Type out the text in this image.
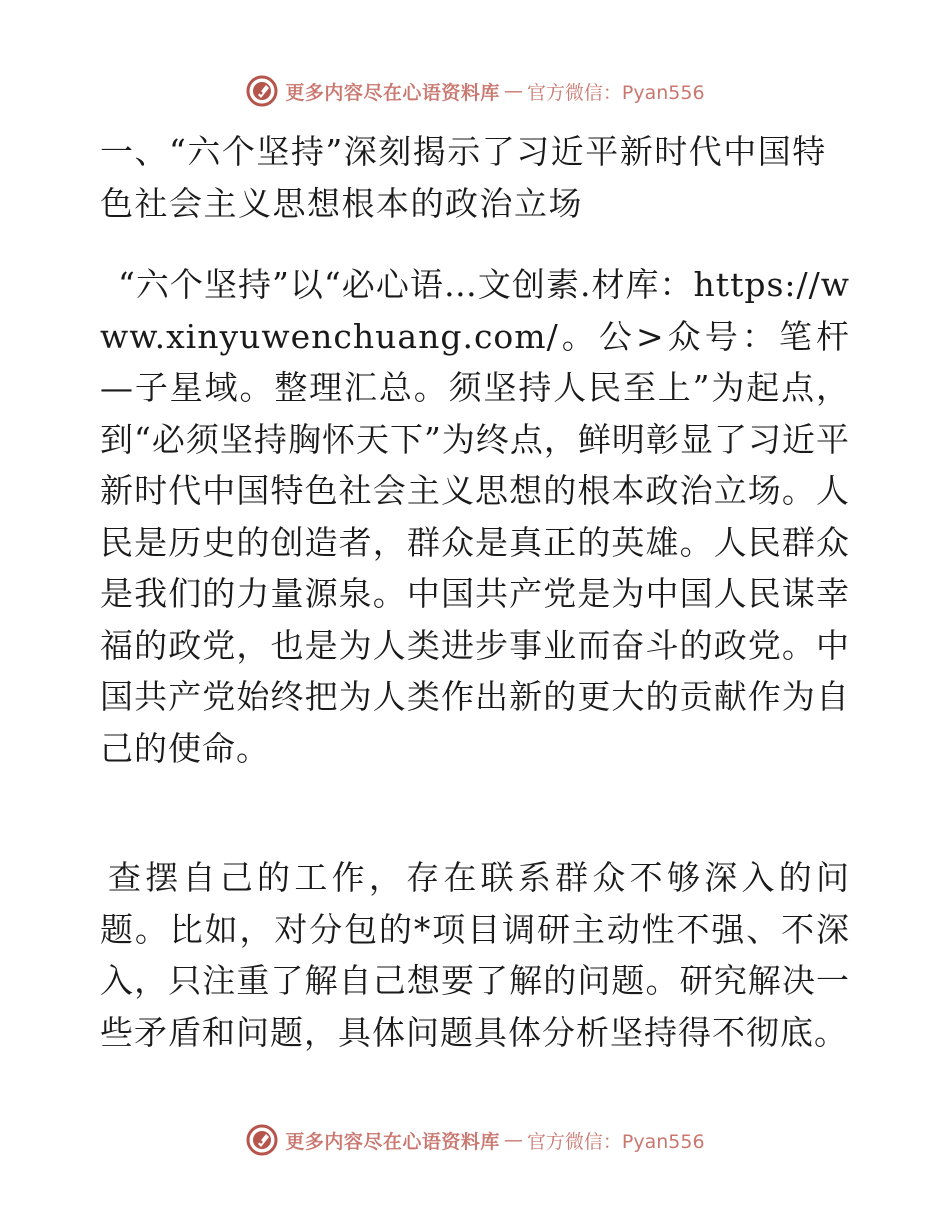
更多内容尽在心语资料库 — 官方微信：Pyan556
一、“六个坚持”深刻揭示了习近平新时代中国特色社会主义思想根本的政治立场
“六个坚持”以“必心语…文创素.材库：https://www.xinyuwenchuang.com/。公>众号：笔杆—子星域。整理汇总。须坚持人民至上”为起点，到“必须坚持胸怀天下”为终点，鲜明彰显了习近平新时代中国特色社会主义思想的根本政治立场。人民是历史的创造者，群众是真正的英雄。人民群众是我们的力量源泉。中国共产党是为中国人民谋幸福的政党，也是为人类进步事业而奋斗的政党。中国共产党始终把为人类作出新的更大的贡献作为自己的使命。
查摆自己的工作，存在联系群众不够深入的问题。比如，对分包的*项目调研主动性不强、不深入，只注重了解自己想要了解的问题。研究解决一些矛盾和问题，具体问题具体分析坚持得不彻底。
更多内容尽在心语资料库 — 官方微信：Pyan556
